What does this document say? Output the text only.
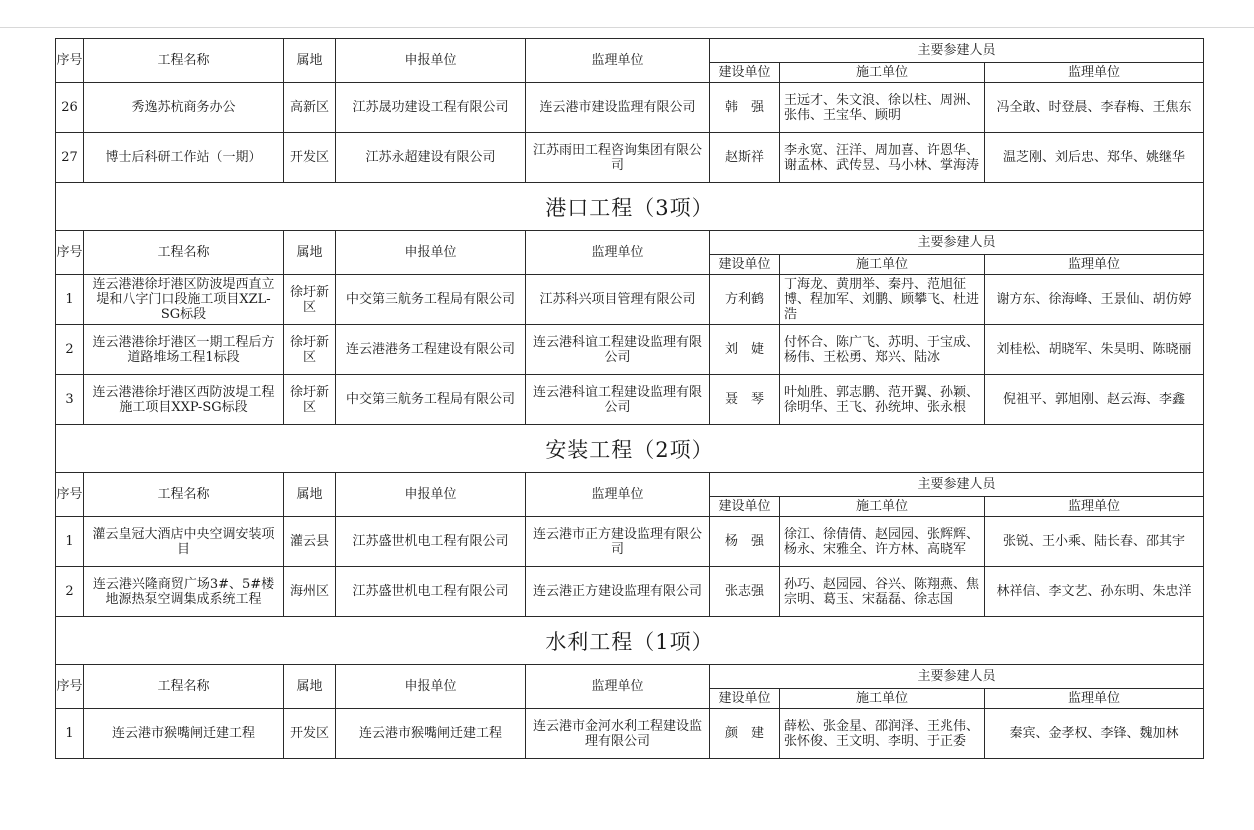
序号	工程名称	属地	申报单位	监理单位	主要参建人员		
					建设单位	施工单位	监理单位
26	秀逸苏杭商务办公	高新区	江苏晟功建设工程有限公司	连云港市建设监理有限公司	韩　强	王远才、朱文浪、徐以柱、周洲、张伟、王宝华、顾明	冯全敢、时登晨、李春梅、王焦东

27	博士后科研工作站（一期）	开发区	江苏永超建设有限公司	江苏雨田工程咨询集团有限公司	赵斯祥	李永宽、汪洋、周加喜、许恩华、谢孟林、武传昱、马小林、掌海涛	温芝刚、刘后忠、郑华、姚继华

港口工程（3项）							
序号	工程名称	属地	申报单位	监理单位	主要参建人员		
					建设单位	施工单位	监理单位
1	连云港港徐圩港区防波堤西直立堤和八字门口段施工项目XZL-SG标段	徐圩新区	中交第三航务工程局有限公司	江苏科兴项目管理有限公司	方利鹤	丁海龙、黄朋举、秦丹、范旭征博、程加军、刘鹏、顾攀飞、杜进浩	谢方东、徐海峰、王景仙、胡仿婷

2	连云港港徐圩港区一期工程后方道路堆场工程1标段	徐圩新区	连云港港务工程建设有限公司	连云港科谊工程建设监理有限公司	刘　婕	付怀合、陈广飞、苏明、于宝成、杨伟、王松勇、郑兴、陆冰	刘桂松、胡晓军、朱昊明、陈晓丽

3	连云港港徐圩港区西防波堤工程施工项目XXP-SG标段	徐圩新区	中交第三航务工程局有限公司	连云港科谊工程建设监理有限公司	聂　琴	叶灿胜、郭志鹏、范开翼、孙颖、徐明华、王飞、孙统坤、张永根	倪祖平、郭旭刚、赵云海、李鑫

安装工程（2项）							
序号	工程名称	属地	申报单位	监理单位	主要参建人员		
					建设单位	施工单位	监理单位
1	灌云皇冠大酒店中央空调安装项目	灌云县	江苏盛世机电工程有限公司	连云港市正方建设监理有限公司	杨　强	徐江、徐倩倩、赵园园、张辉辉、杨永、宋雅全、许方林、高晓军	张锐、王小乘、陆长春、邵其宇

2	连云港兴隆商贸广场3#、5#楼地源热泵空调集成系统工程	海州区	江苏盛世机电工程有限公司	连云港正方建设监理有限公司	张志强	孙巧、赵园园、谷兴、陈翔燕、焦宗明、葛玉、宋磊磊、徐志国	林祥信、李文艺、孙东明、朱忠洋

水利工程（1项）							
序号	工程名称	属地	申报单位	监理单位	主要参建人员		
					建设单位	施工单位	监理单位
1	连云港市猴嘴闸迁建工程	开发区	连云港市猴嘴闸迁建工程	连云港市金河水利工程建设监理有限公司	颜　建	薛松、张金星、邵润泽、王兆伟、张怀俊、王文明、李明、于正委	秦宾、金孝权、李锋、魏加林
